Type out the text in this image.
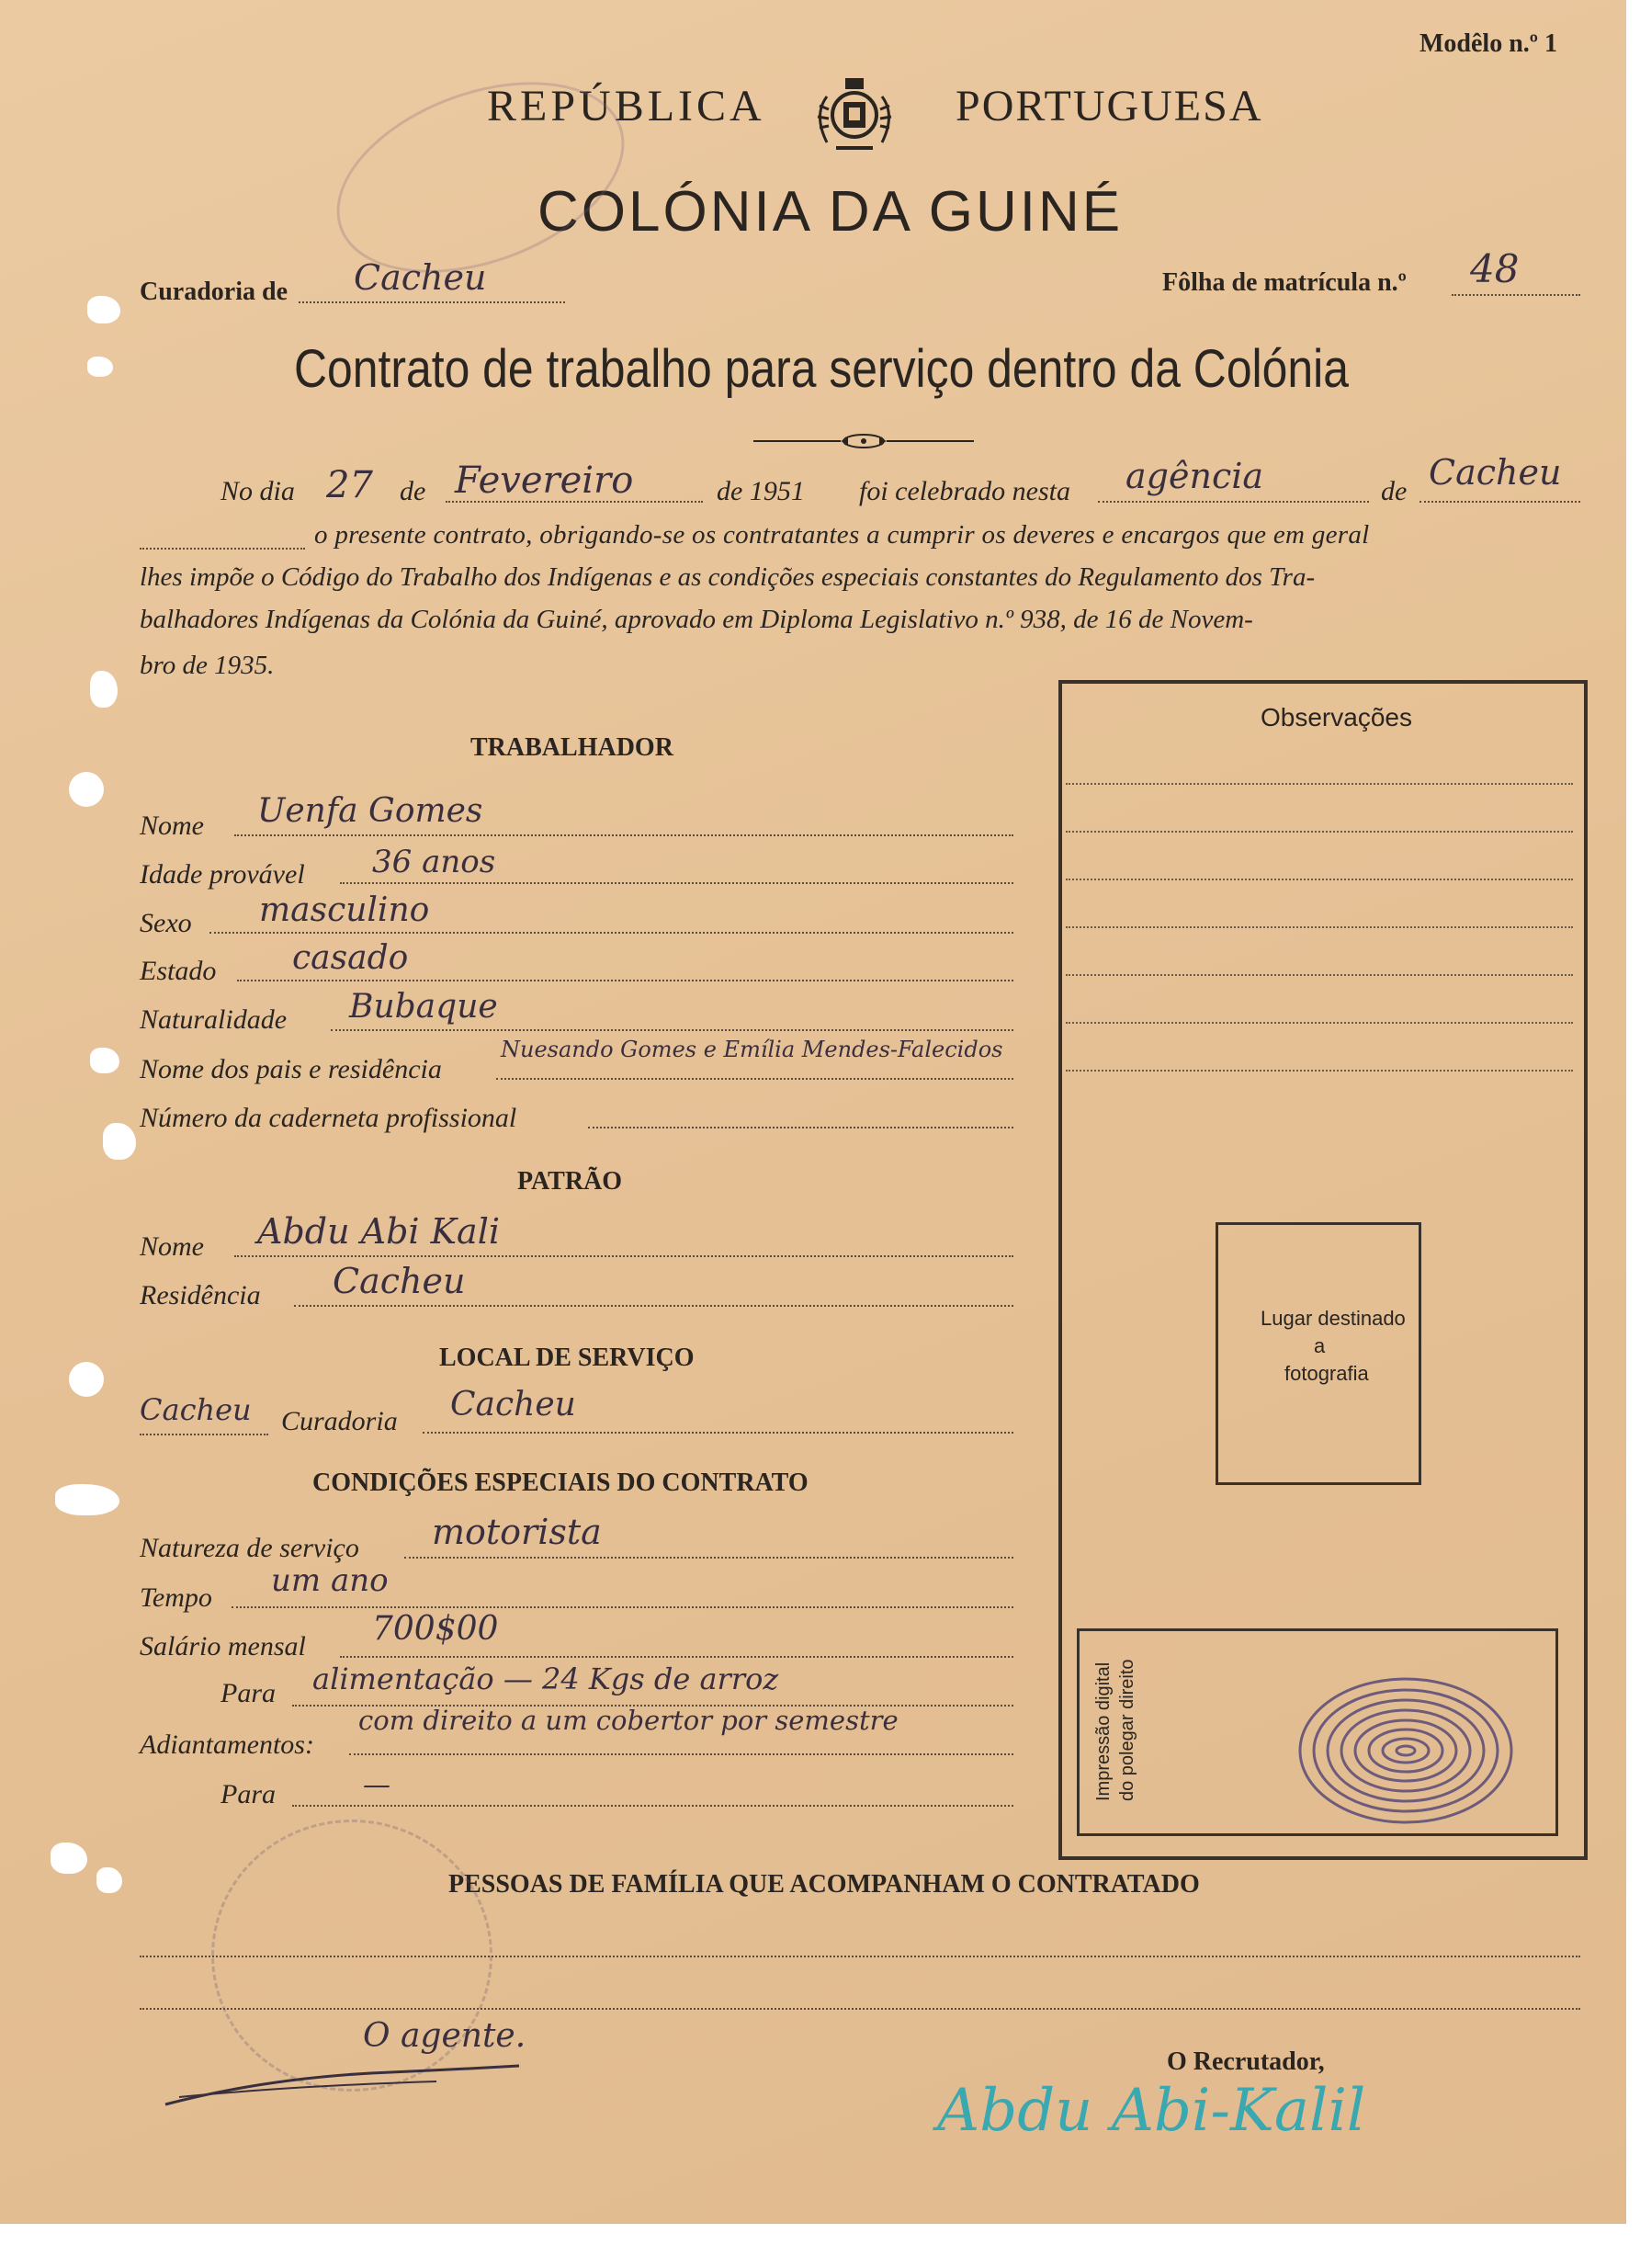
Modêlo n.º 1
REPÚBLICA	PORTUGUESA
COLÓNIA DA GUINÉ
Curadoria de Cacheu	Fôlha de matrícula n.º 48
Contrato de trabalho para serviço dentro da Colónia
No dia 27 de Fevereiro	de 1951 foi celebrado nesta agência	de Cacheu
o presente contrato, obrigando-se os contratantes a cumprir os deveres e encargos que em geral
lhes impõe o Código do Trabalho dos Indígenas e as condições especiais constantes do Regulamento dos Tra-
balhadores Indígenas da Colónia da Guiné, aprovado em Diploma Legislativo n.º 938, de 16 de Novem-
bro de 1935.
Observações
Lugar destinado
a
fotografia
Impressão digital do polegar direito
TRABALHADOR
Nome Uenfa Gomes
Idade provável 36 anos
Sexo masculino
Estado casado
Naturalidade Bubaque
Nome dos pais e residência
Nuesando Gomes e Emília Mendes-Falecidos
Número da caderneta profissional
PATRÃO
Nome Abdu Abi Kali
Residência Cacheu
LOCAL DE SERVIÇO
Cacheu Curadoria Cacheu
CONDIÇÕES ESPECIAIS DO CONTRATO
Natureza de serviço motorista
Tempo um ano
Salário mensal 700$00
Para alimentação — 24 Kgs de arroz
Adiantamentos:
com direito a um cobertor por semestre
Para	—
PESSOAS DE FAMÍLIA QUE ACOMPANHAM O CONTRATADO
O agente.
O Recrutador,
Abdu Abi-Kalil
